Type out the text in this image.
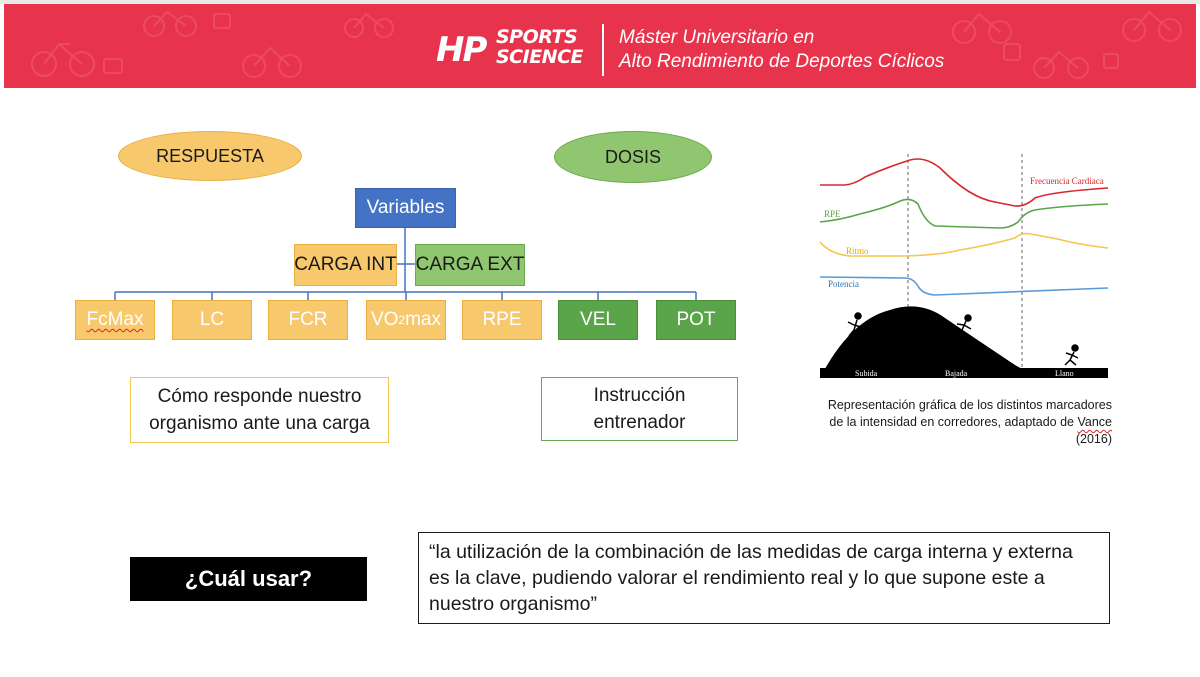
HP SPORTS
SCIENCE
Máster Universitario en
Alto Rendimiento de Deportes Cíclicos
RESPUESTA	DOSIS
Variables
CARGA INT CARGA EXT
FcMax	LC	FCR	VO 2 max	RPE	VEL	POT
Cómo responde nuestro
organismo ante una carga
Instrucción
entrenador
Frecuencia Cardiaca
RPE
Ritmo
Potencia
Subida	Bajada	Llano
Representación gráfica de los distintos marcadores
de la intensidad en corredores, adaptado de Vance
(2016)
¿Cuál usar?
“la utilización de la combinación de las medidas de carga interna y externa es la clave, pudiendo valorar el rendimiento real y lo que supone este a nuestro organismo”
